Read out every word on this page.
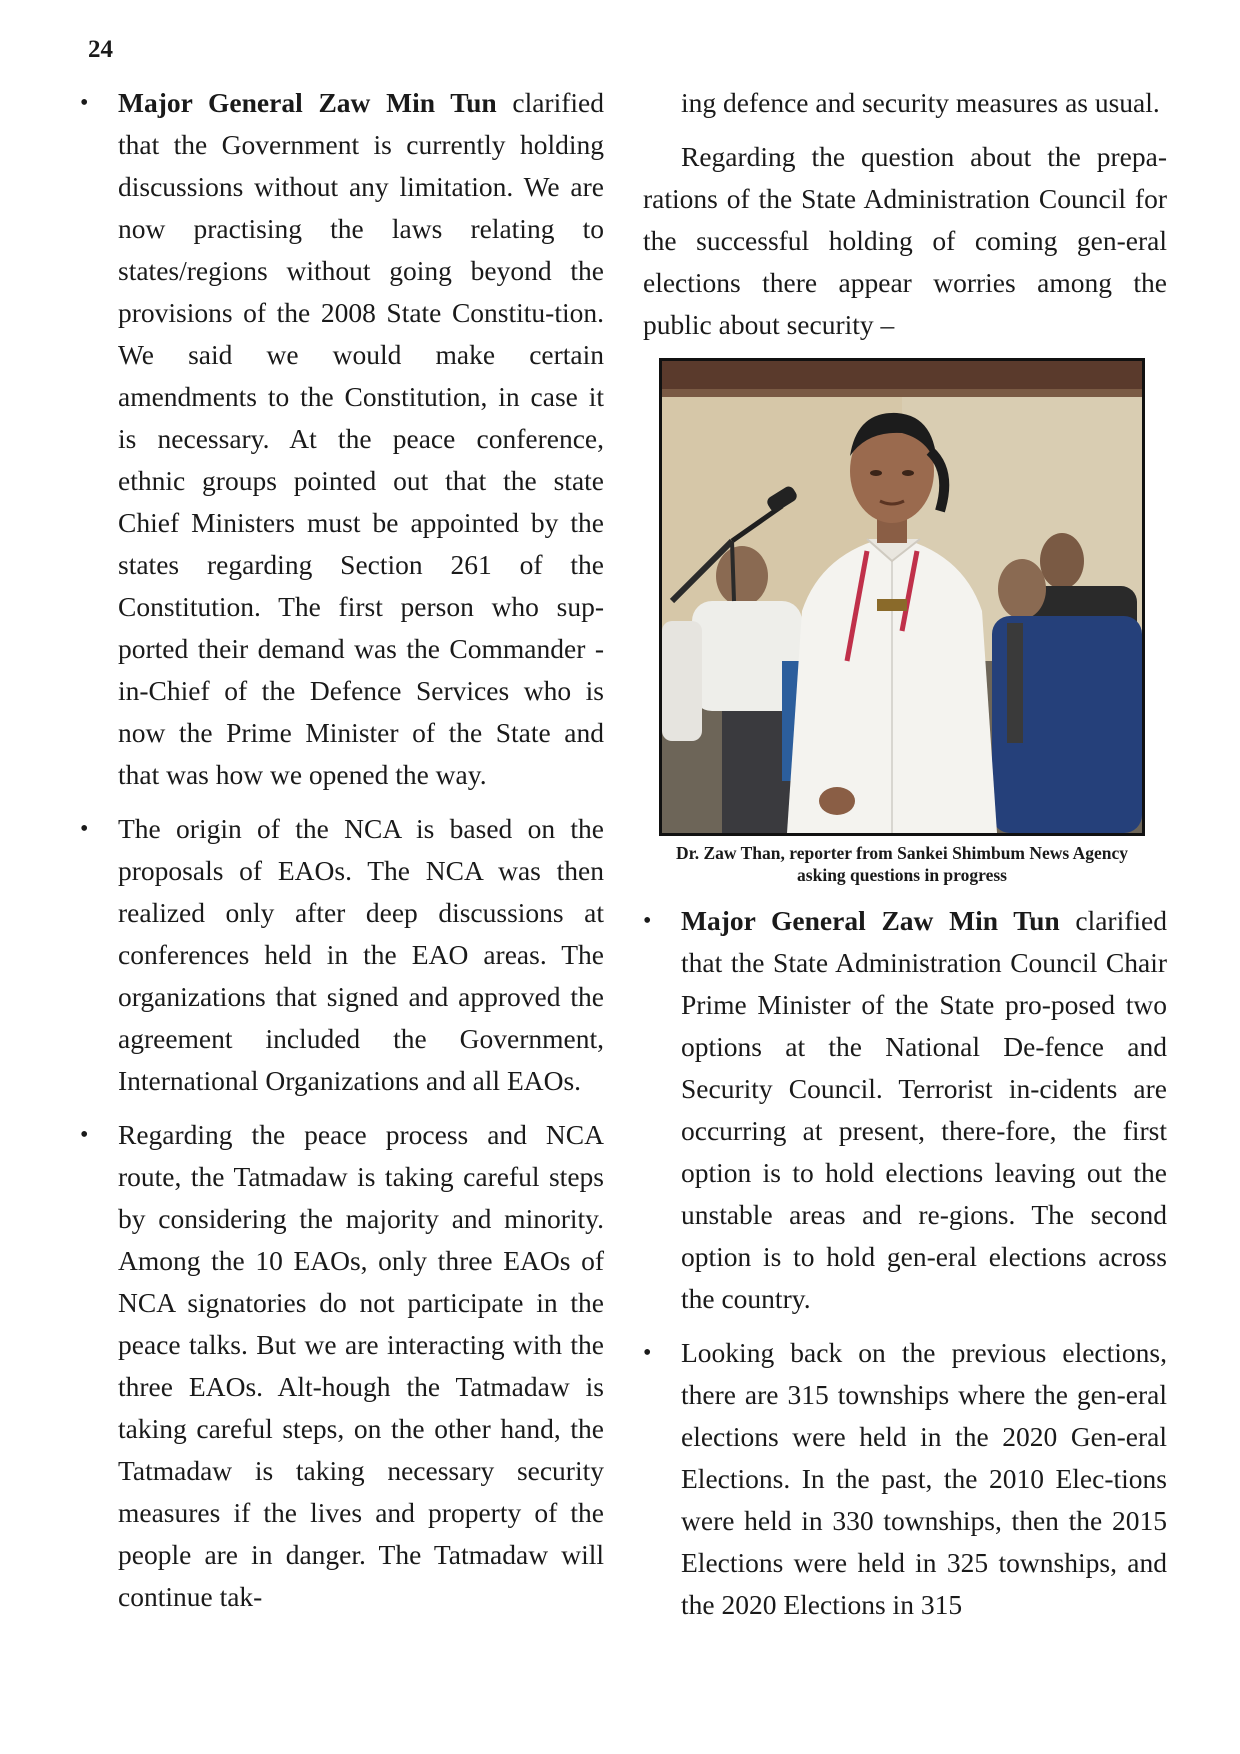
24
• Major General Zaw Min Tun clarified that the Government is currently holding discussions without any limitation. We are now practising the laws relating to states/regions without going beyond the provisions of the 2008 State Constitu-tion. We said we would make certain amendments to the Constitution, in case it is necessary. At the peace conference, ethnic groups pointed out that the state Chief Ministers must be appointed by the states regarding Section 261 of the Constitution. The first person who sup-ported their demand was the Commander -in-Chief of the Defence Services who is now the Prime Minister of the State and that was how we opened the way.
• The origin of the NCA is based on the proposals of EAOs. The NCA was then realized only after deep discussions at conferences held in the EAO areas. The organizations that signed and approved the agreement included the Government, International Organizations and all EAOs.
• Regarding the peace process and NCA route, the Tatmadaw is taking careful steps by considering the majority and minority. Among the 10 EAOs, only three EAOs of NCA signatories do not participate in the peace talks. But we are interacting with the three EAOs. Alt-hough the Tatmadaw is taking careful steps, on the other hand, the Tatmadaw is taking necessary security measures if the lives and property of the people are in danger. The Tatmadaw will continue tak-

ing defence and security measures as usual.

Regarding the question about the prepa-rations of the State Administration Council for the successful holding of coming gen-eral elections there appear worries among the public about security –

Dr. Zaw Than, reporter from Sankei Shimbum News Agency asking questions in progress
• Major General Zaw Min Tun clarified that the State Administration Council Chair Prime Minister of the State pro-posed two options at the National De-fence and Security Council. Terrorist in-cidents are occurring at present, there-fore, the first option is to hold elections leaving out the unstable areas and re-gions. The second option is to hold gen-eral elections across the country.
• Looking back on the previous elections, there are 315 townships where the gen-eral elections were held in the 2020 Gen-eral Elections. In the past, the 2010 Elec-tions were held in 330 townships, then the 2015 Elections were held in 325 townships, and the 2020 Elections in 315
